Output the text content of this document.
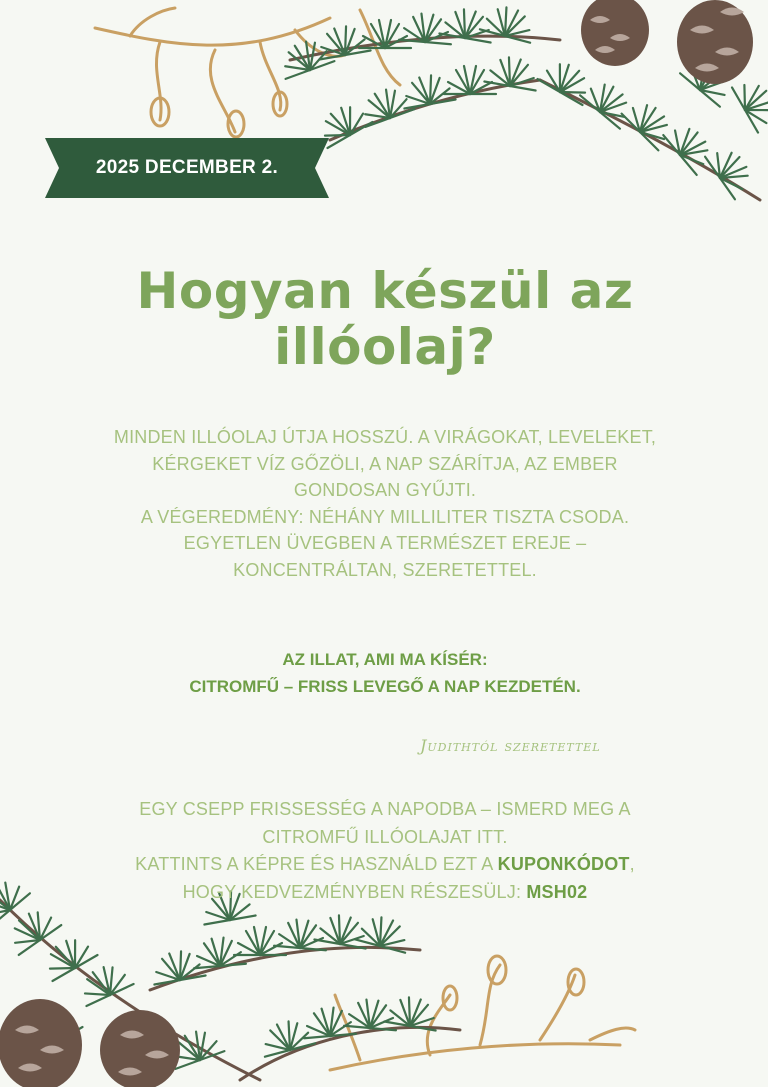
2025 DECEMBER 2.
Hogyan készül az
illóolaj?
MINDEN ILLÓOLAJ ÚTJA HOSSZÚ. A VIRÁGOKAT, LEVELEKET,
KÉRGEKET VÍZ GŐZÖLI, A NAP SZÁRÍTJA, AZ EMBER
GONDOSAN GYŰJTI.
A VÉGEREDMÉNY: NÉHÁNY MILLILITER TISZTA CSODA.
EGYETLEN ÜVEGBEN A TERMÉSZET EREJE –
KONCENTRÁLTAN, SZERETETTEL.
AZ ILLAT, AMI MA KÍSÉR:
CITROMFŰ – FRISS LEVEGŐ A NAP KEZDETÉN.
Judithtól szeretettel
EGY CSEPP FRISSESSÉG A NAPODBA – ISMERD MEG A
CITROMFŰ ILLÓOLAJAT ITT.
KATTINTS A KÉPRE ÉS HASZNÁLD EZT A KUPONKÓDOT,
HOGY KEDVEZMÉNYBEN RÉSZESÜLJ: MSH02
